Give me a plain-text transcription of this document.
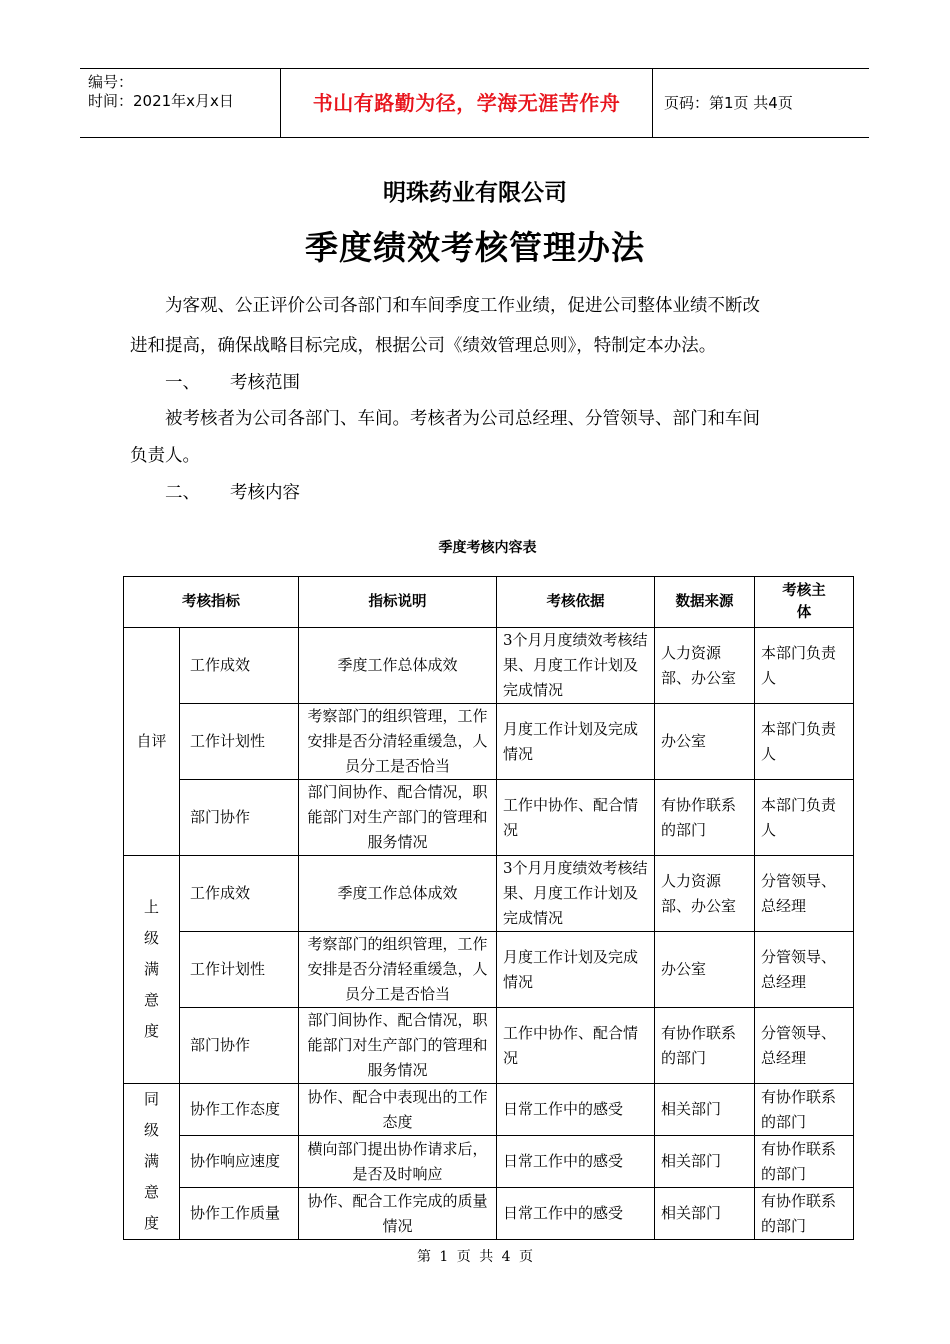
编号：
时间：2021年x月x日	书山有路勤为径，学海无涯苦作舟	页码：第1页 共4页
明珠药业有限公司
季度绩效考核管理办法
为客观、公正评价公司各部门和车间季度工作业绩，促进公司整体业绩不断改
进和提高，确保战略目标完成，根据公司《绩效管理总则》，特制定本办法。
一、 考核范围
被考核者为公司各部门、车间。考核者为公司总经理、分管领导、部门和车间
负责人。
二、 考核内容
季度考核内容表
考核指标		指标说明	考核依据	数据来源	考核主体
自评	工作成效	季度工作总体成效	3个月月度绩效考核结果、月度工作计划及完成情况	人力资源部、办公室	本部门负责人
	工作计划性	考察部门的组织管理，工作安排是否分清轻重缓急，人员分工是否恰当	月度工作计划及完成情况	办公室	本部门负责人
	部门协作	部门间协作、配合情况，职能部门对生产部门的管理和服务情况	工作中协作、配合情况	有协作联系的部门	本部门负责人
上级满意度	工作成效	季度工作总体成效	3个月月度绩效考核结果、月度工作计划及完成情况	人力资源部、办公室	分管领导、总经理
	工作计划性	考察部门的组织管理，工作安排是否分清轻重缓急，人员分工是否恰当	月度工作计划及完成情况	办公室	分管领导、总经理
	部门协作	部门间协作、配合情况，职能部门对生产部门的管理和服务情况	工作中协作、配合情况	有协作联系的部门	分管领导、总经理
同级满意度	协作工作态度	协作、配合中表现出的工作态度	日常工作中的感受	相关部门	有协作联系的部门
	协作响应速度	横向部门提出协作请求后，是否及时响应	日常工作中的感受	相关部门	有协作联系的部门
	协作工作质量	协作、配合工作完成的质量情况	日常工作中的感受	相关部门	有协作联系的部门
第 1 页 共 4 页
